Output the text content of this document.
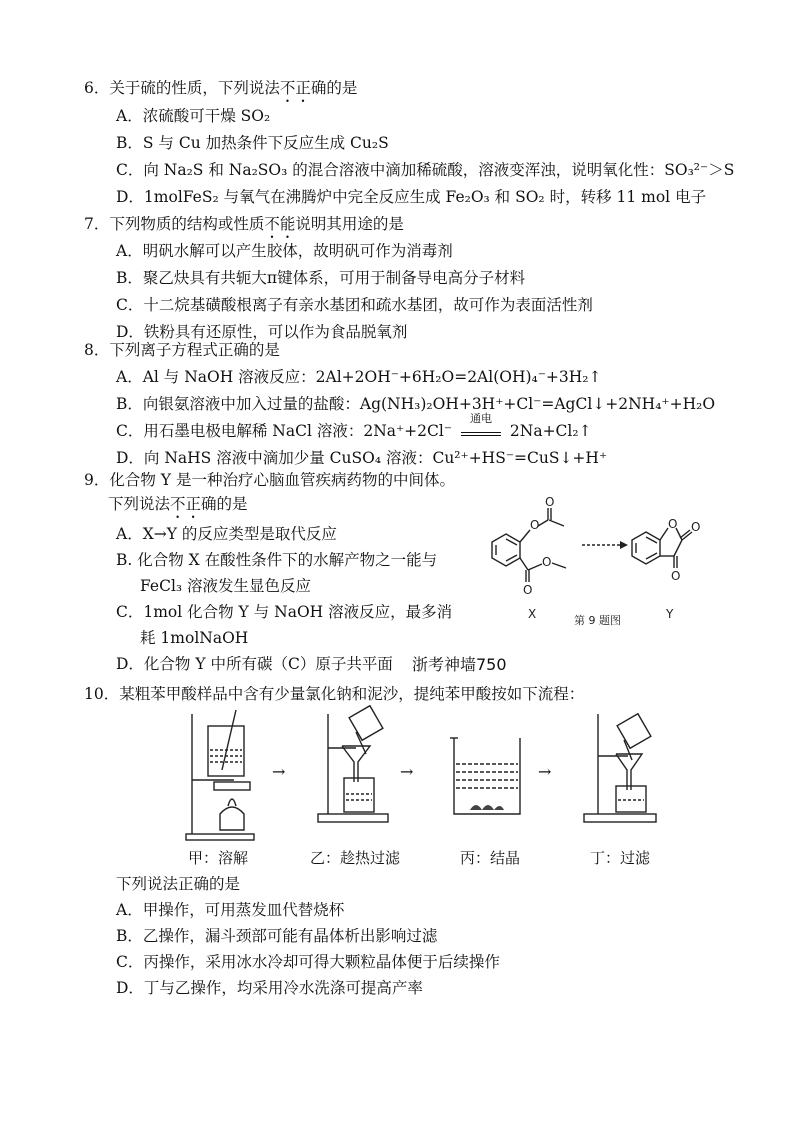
6．关于硫的性质，下列说法不正确的是
A．浓硫酸可干燥 SO₂
B．S 与 Cu 加热条件下反应生成 Cu₂S
C．向 Na₂S 和 Na₂SO₃ 的混合溶液中滴加稀硫酸，溶液变浑浊，说明氧化性：SO₃²⁻＞S
D．1molFeS₂ 与氧气在沸腾炉中完全反应生成 Fe₂O₃ 和 SO₂ 时，转移 11 mol 电子
7．下列物质的结构或性质不能说明其用途的是
A．明矾水解可以产生胶体，故明矾可作为消毒剂
B．聚乙炔具有共轭大π键体系，可用于制备导电高分子材料
C．十二烷基磺酸根离子有亲水基团和疏水基团，故可作为表面活性剂
D．铁粉具有还原性，可以作为食品脱氧剂
8．下列离子方程式正确的是
A．Al 与 NaOH 溶液反应：2Al+2OH⁻+6H₂O=2Al(OH)₄⁻+3H₂↑
B．向银氨溶液中加入过量的盐酸：Ag(NH₃)₂OH+3H⁺+Cl⁻=AgCl↓+2NH₄⁺+H₂O
C．用石墨电极电解稀 NaCl 溶液：2Na⁺+2Cl⁻
通电
2Na+Cl₂↑
D．向 NaHS 溶液中滴加少量 CuSO₄ 溶液：Cu²⁺+HS⁻=CuS↓+H⁺
9．化合物 Y 是一种治疗心脑血管疾病药物的中间体。
下列说法不正确的是
A．X→Y 的反应类型是取代反应
B. 化合物 X 在酸性条件下的水解产物之一能与
FeCl₃ 溶液发生显色反应
C．1mol 化合物 Y 与 NaOH 溶液反应，最多消
耗 1molNaOH
D．化合物 Y 中所有碳（C）原子共平面 浙考神墙750
O
O
O
O
X
O O
O
Y
第 9 题图
10．某粗苯甲酸样品中含有少量氯化钠和泥沙，提纯苯甲酸按如下流程：
→	→	→
甲：溶解	乙：趁热过滤	丙：结晶	丁：过滤
下列说法正确的是
A．甲操作，可用蒸发皿代替烧杯
B．乙操作，漏斗颈部可能有晶体析出影响过滤
C．丙操作，采用冰水冷却可得大颗粒晶体便于后续操作
D．丁与乙操作，均采用冷水洗涤可提高产率
